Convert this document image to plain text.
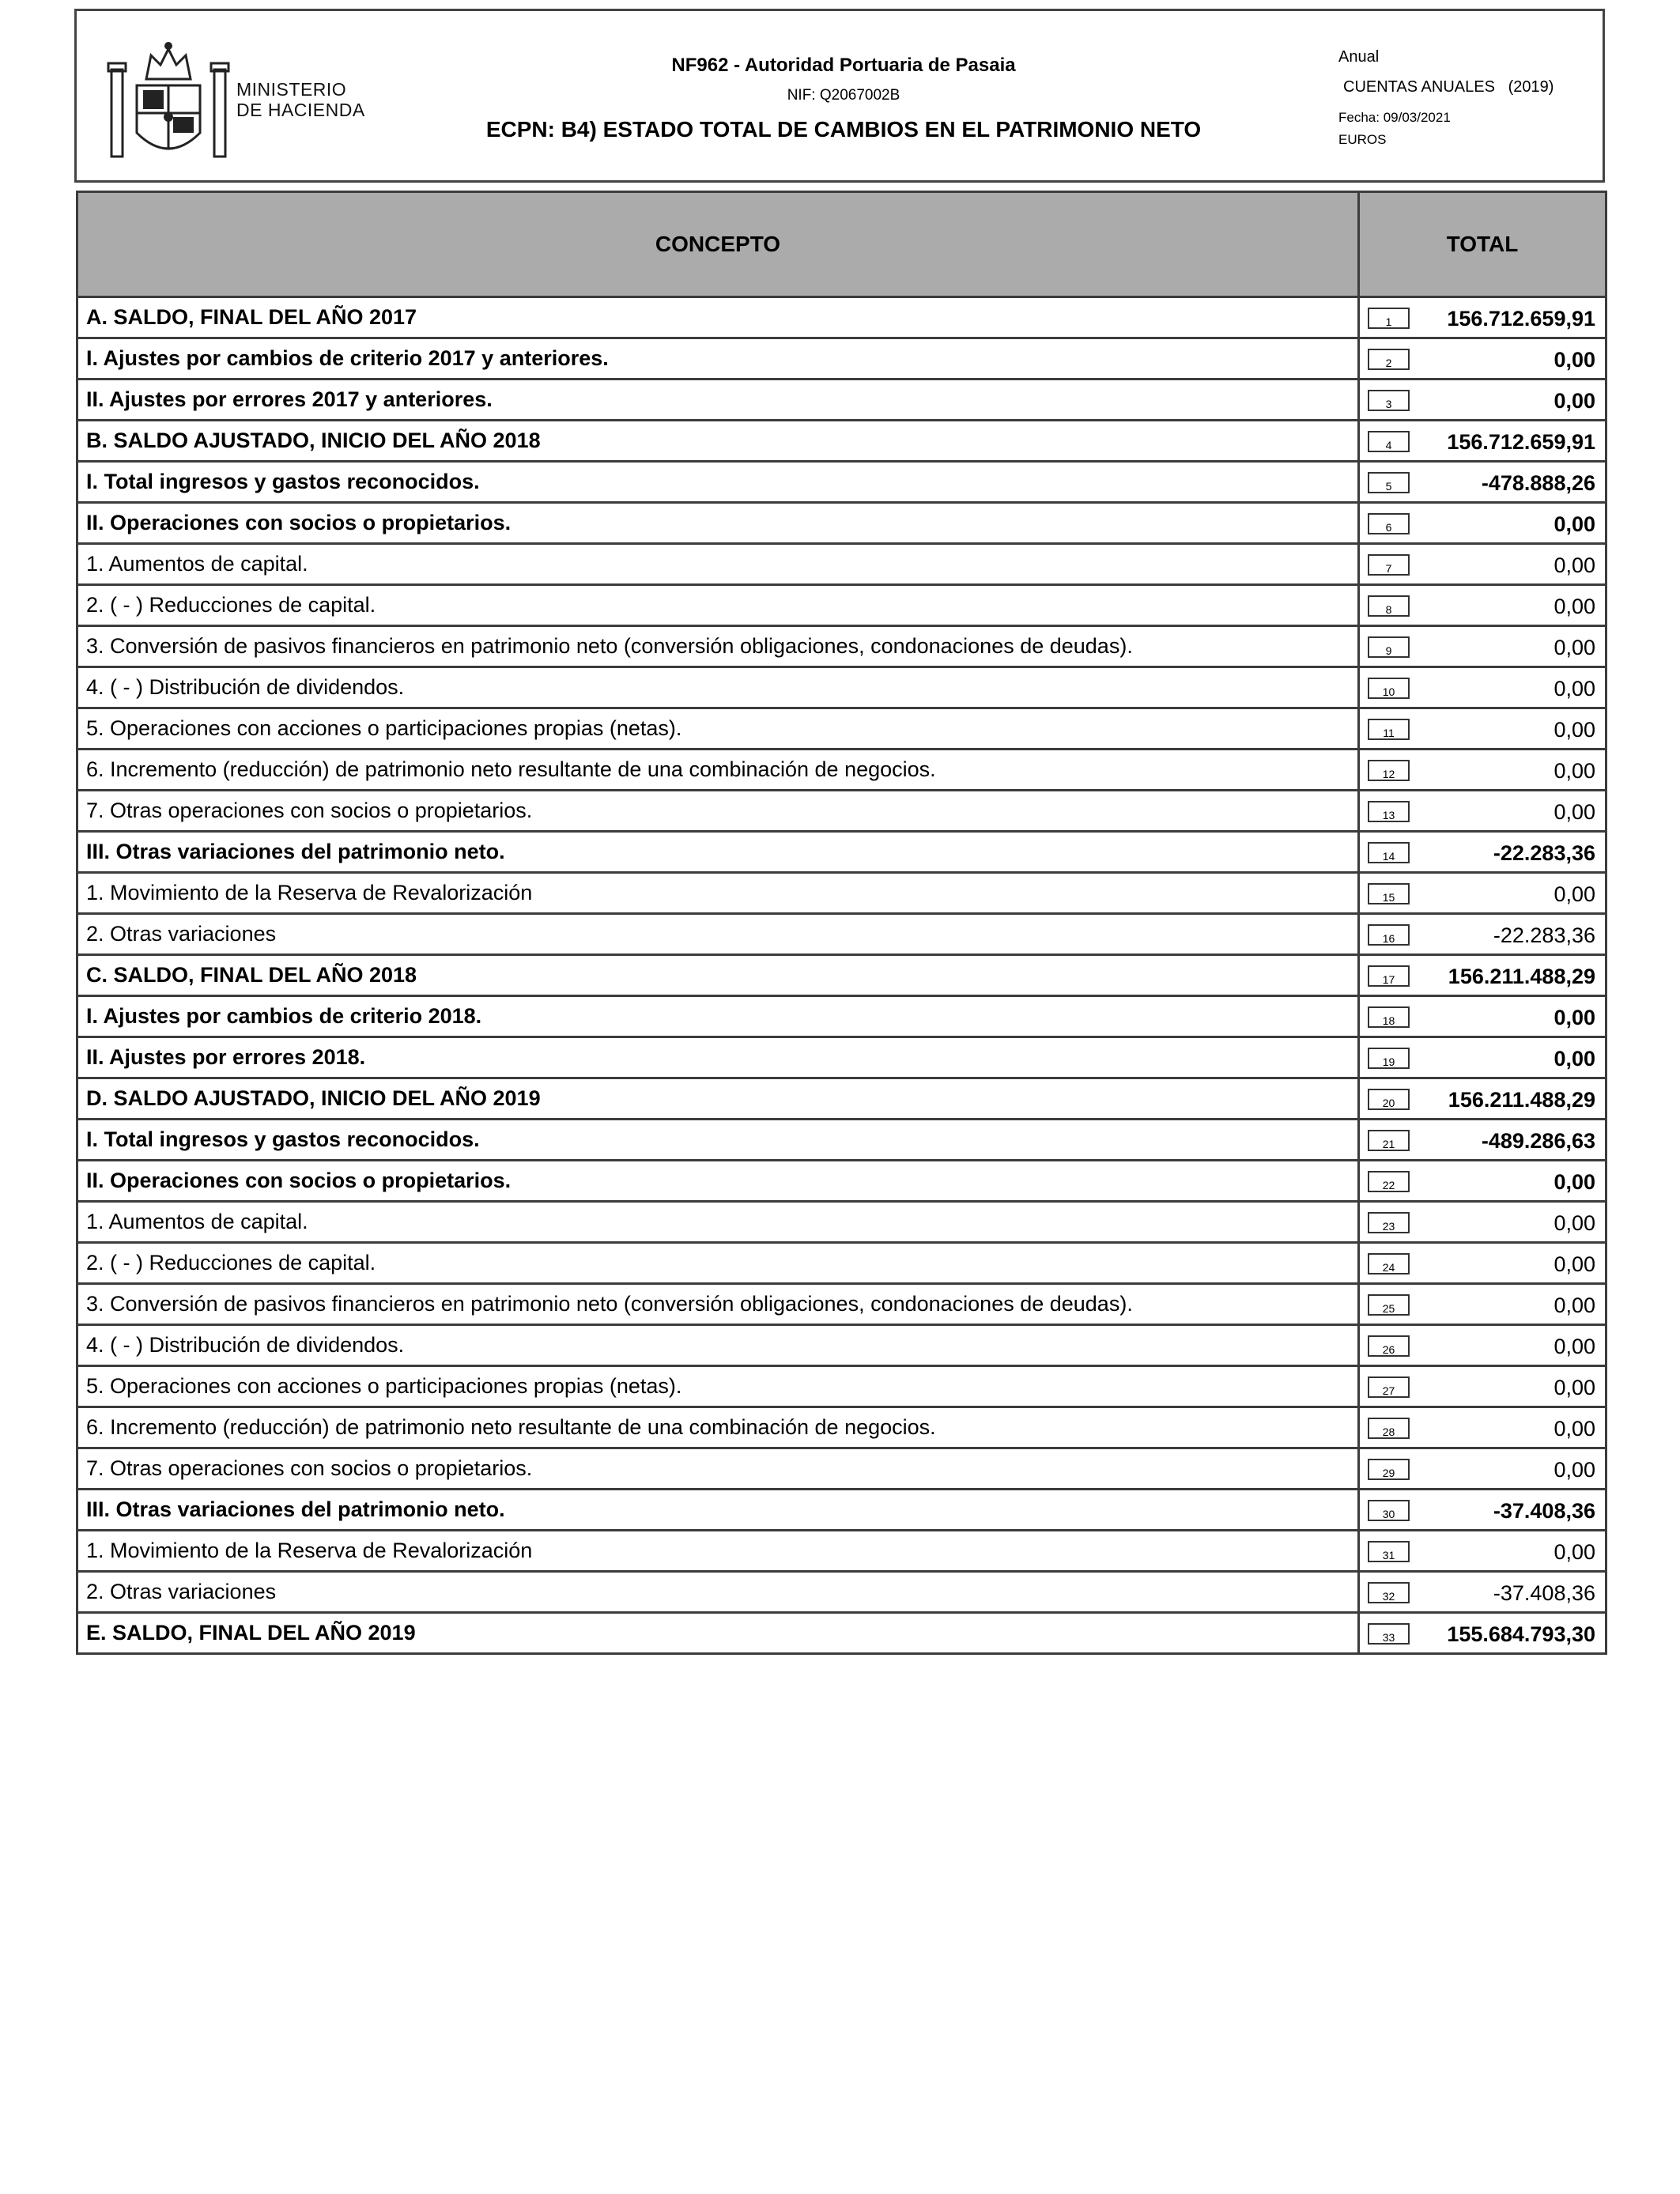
MINISTERIO
DE HACIENDA
NF962 - Autoridad Portuaria de Pasaia
NIF: Q2067002B
ECPN: B4) ESTADO TOTAL DE CAMBIOS EN EL PATRIMONIO NETO
Anual
CUENTAS ANUALES   (2019)
Fecha: 09/03/2021
EUROS
CONCEPTO	TOTAL
A. SALDO, FINAL DEL AÑO 2017	1 156.712.659,91

I. Ajustes por cambios de criterio 2017 y anteriores.	2 0,00

II. Ajustes por errores 2017 y anteriores.	3 0,00

B. SALDO AJUSTADO, INICIO DEL AÑO 2018	4 156.712.659,91

I. Total ingresos y gastos reconocidos.	5 -478.888,26

II. Operaciones con socios o propietarios.	6 0,00

1. Aumentos de capital.	7 0,00

2. ( - ) Reducciones de capital.	8 0,00

3. Conversión de pasivos financieros en patrimonio neto (conversión obligaciones, condonaciones de deudas).	9 0,00

4. ( - ) Distribución de dividendos.	10 0,00

5. Operaciones con acciones o participaciones propias (netas).	11 0,00

6. Incremento (reducción) de patrimonio neto resultante de una combinación de negocios.	12 0,00

7. Otras operaciones con socios o propietarios.	13 0,00

III. Otras variaciones del patrimonio neto.	14 -22.283,36

1. Movimiento de la Reserva de Revalorización	15 0,00

2. Otras variaciones	16 -22.283,36

C. SALDO, FINAL DEL AÑO 2018	17 156.211.488,29

I. Ajustes por cambios de criterio 2018.	18 0,00

II. Ajustes por errores 2018.	19 0,00

D. SALDO AJUSTADO, INICIO DEL AÑO 2019	20 156.211.488,29

I. Total ingresos y gastos reconocidos.	21 -489.286,63

II. Operaciones con socios o propietarios.	22 0,00

1. Aumentos de capital.	23 0,00

2. ( - ) Reducciones de capital.	24 0,00

3. Conversión de pasivos financieros en patrimonio neto (conversión obligaciones, condonaciones de deudas).	25 0,00

4. ( - ) Distribución de dividendos.	26 0,00

5. Operaciones con acciones o participaciones propias (netas).	27 0,00

6. Incremento (reducción) de patrimonio neto resultante de una combinación de negocios.	28 0,00

7. Otras operaciones con socios o propietarios.	29 0,00

III. Otras variaciones del patrimonio neto.	30 -37.408,36

1. Movimiento de la Reserva de Revalorización	31 0,00

2. Otras variaciones	32 -37.408,36

E. SALDO, FINAL DEL AÑO 2019	33 155.684.793,30
